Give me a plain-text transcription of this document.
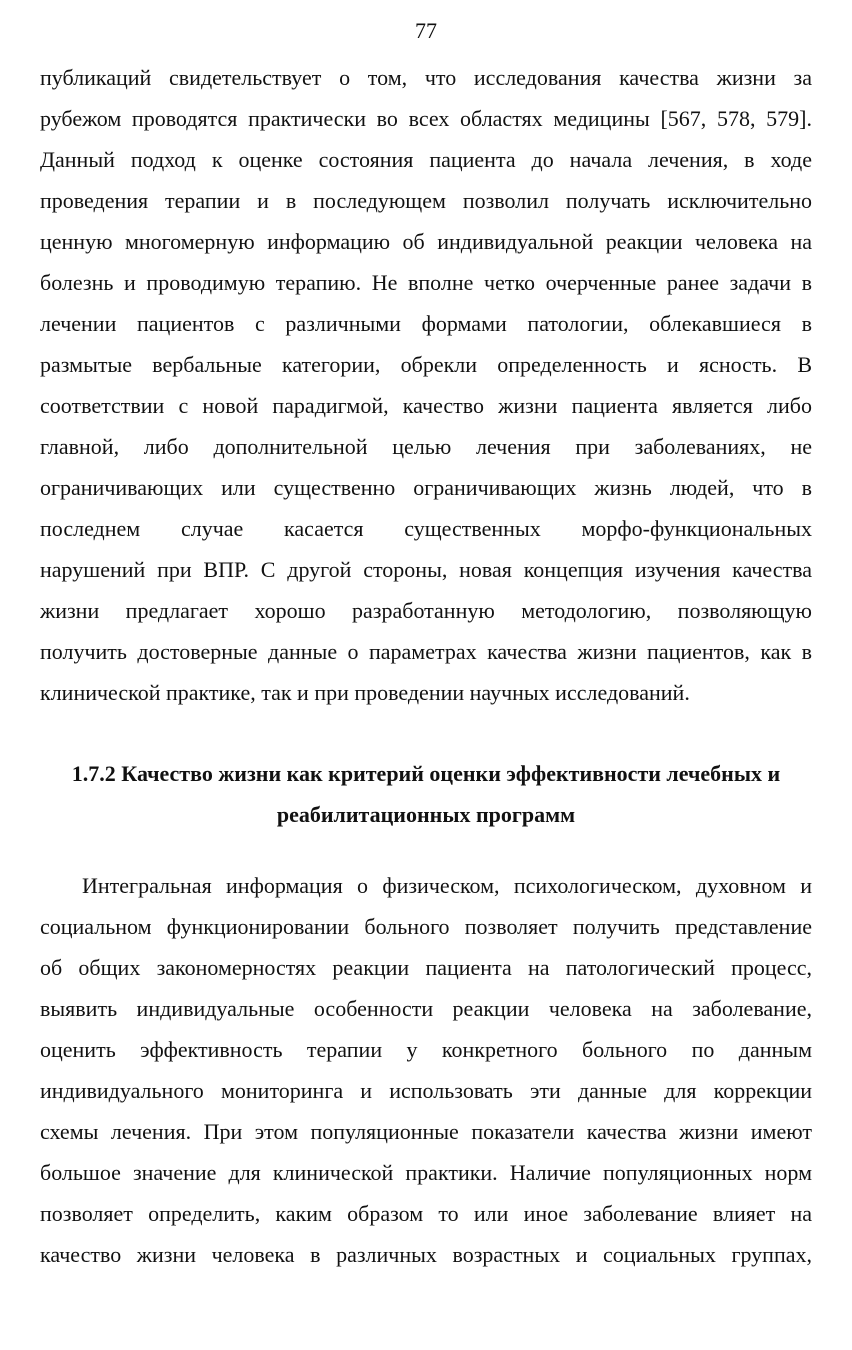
77
публикаций свидетельствует о том, что исследования качества жизни за
рубежом проводятся практически во всех областях медицины [567, 578, 579].
Данный подход к оценке состояния пациента до начала лечения, в ходе
проведения терапии и в последующем позволил получать исключительно
ценную многомерную информацию об индивидуальной реакции человека на
болезнь и проводимую терапию. Не вполне четко очерченные ранее задачи в
лечении пациентов с различными формами патологии, облекавшиеся в
размытые вербальные категории, обрекли определенность и ясность. В
соответствии с новой парадигмой, качество жизни пациента является либо
главной, либо дополнительной целью лечения при заболеваниях, не
ограничивающих или существенно ограничивающих жизнь людей, что в
последнем случае касается существенных морфо-функциональных
нарушений при ВПР. С другой стороны, новая концепция изучения качества
жизни предлагает хорошо разработанную методологию, позволяющую
получить достоверные данные о параметрах качества жизни пациентов, как в
клинической практике, так и при проведении научных исследований.
1.7.2 Качество жизни как критерий оценки эффективности лечебных и
реабилитационных программ
Интегральная информация о физическом, психологическом, духовном и
социальном функционировании больного позволяет получить представление
об общих закономерностях реакции пациента на патологический процесс,
выявить индивидуальные особенности реакции человека на заболевание,
оценить эффективность терапии у конкретного больного по данным
индивидуального мониторинга и использовать эти данные для коррекции
схемы лечения. При этом популяционные показатели качества жизни имеют
большое значение для клинической практики. Наличие популяционных норм
позволяет определить, каким образом то или иное заболевание влияет на
качество жизни человека в различных возрастных и социальных группах,
